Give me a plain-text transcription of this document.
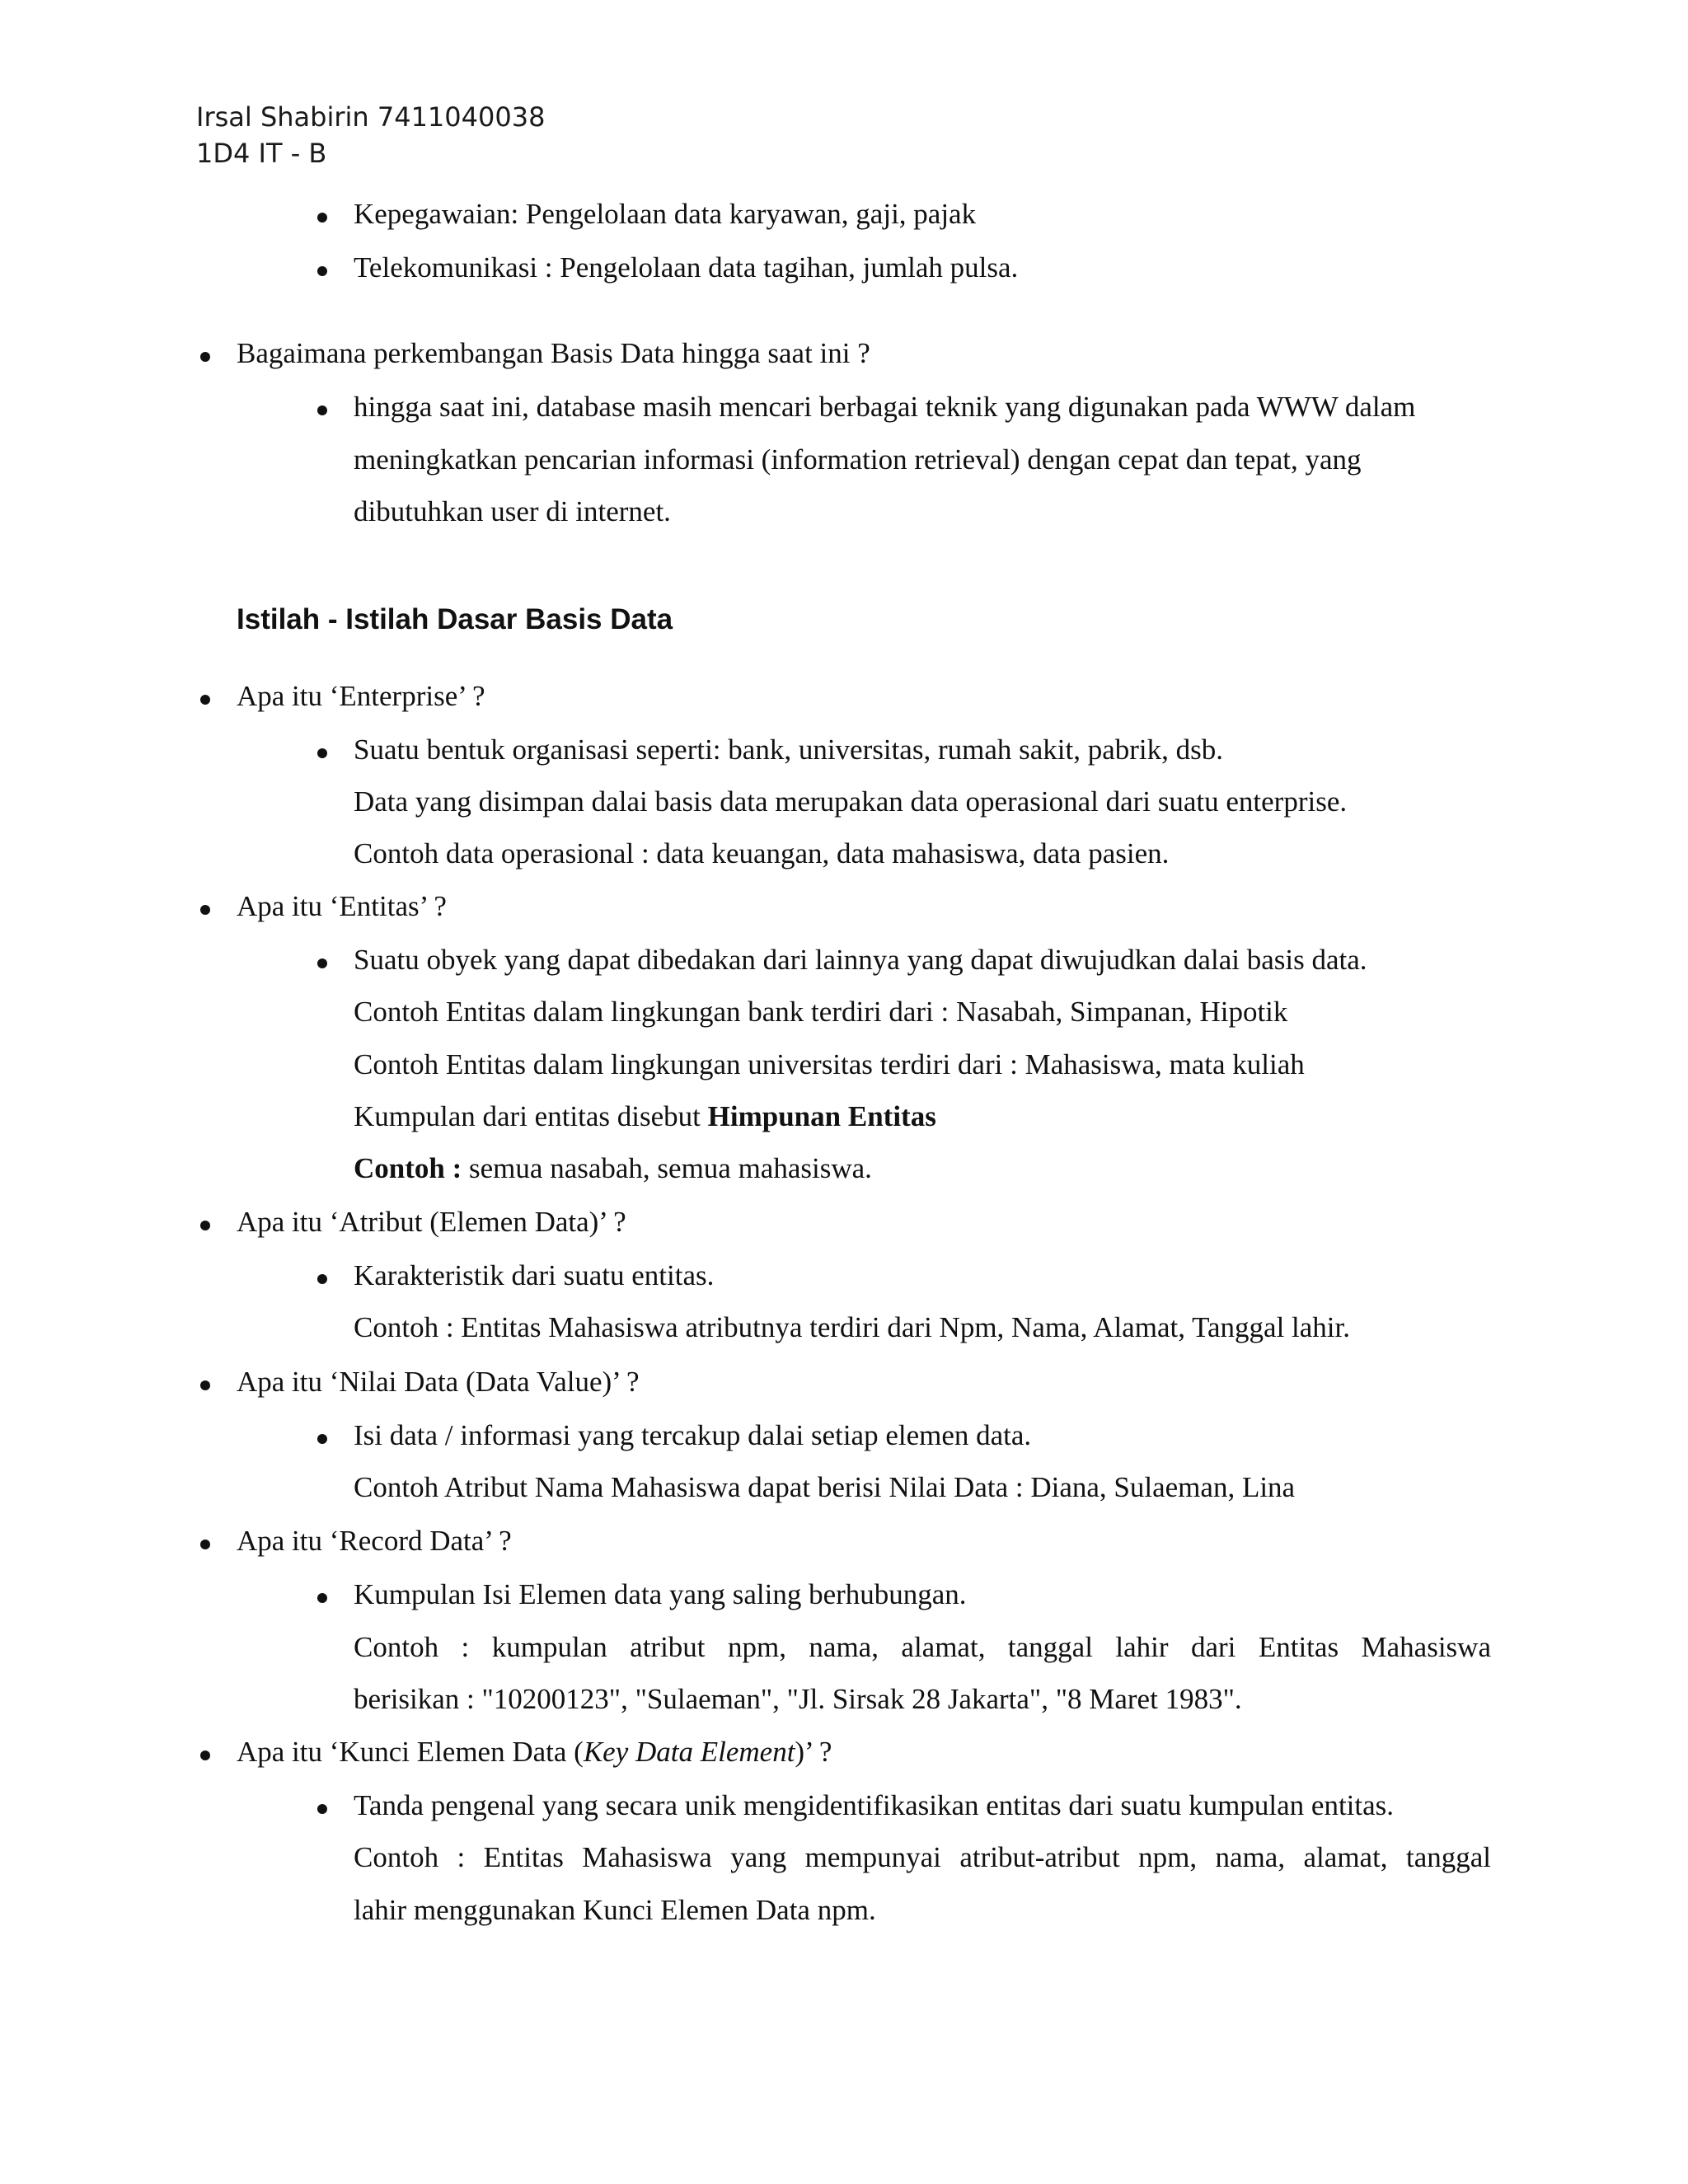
Irsal Shabirin 7411040038
1D4 IT - B
Kepegawaian: Pengelolaan data karyawan, gaji, pajak
Telekomunikasi : Pengelolaan data tagihan, jumlah pulsa.
Bagaimana perkembangan Basis Data hingga saat ini ?
hingga saat ini, database masih mencari berbagai teknik yang digunakan pada WWW dalam
meningkatkan pencarian informasi (information retrieval) dengan cepat dan tepat, yang
dibutuhkan user di internet.
Istilah - Istilah Dasar Basis Data
Apa itu ‘Enterprise’ ?
Suatu bentuk organisasi seperti: bank, universitas, rumah sakit, pabrik, dsb.
Data yang disimpan dalai basis data merupakan data operasional dari suatu enterprise.
Contoh data operasional : data keuangan, data mahasiswa, data pasien.
Apa itu ‘Entitas’ ?
Suatu obyek yang dapat dibedakan dari lainnya yang dapat diwujudkan dalai basis data.
Contoh Entitas dalam lingkungan bank terdiri dari : Nasabah, Simpanan, Hipotik
Contoh Entitas dalam lingkungan universitas terdiri dari : Mahasiswa, mata kuliah
Kumpulan dari entitas disebut Himpunan Entitas
Contoh : semua nasabah, semua mahasiswa.
Apa itu ‘Atribut (Elemen Data)’ ?
Karakteristik dari suatu entitas.
Contoh : Entitas Mahasiswa atributnya terdiri dari Npm, Nama, Alamat, Tanggal lahir.
Apa itu ‘Nilai Data (Data Value)’ ?
Isi data / informasi yang tercakup dalai setiap elemen data.
Contoh Atribut Nama Mahasiswa dapat berisi Nilai Data : Diana, Sulaeman, Lina
Apa itu ‘Record Data’ ?
Kumpulan Isi Elemen data yang saling berhubungan.
Contoh : kumpulan atribut npm, nama, alamat, tanggal lahir dari Entitas Mahasiswa
berisikan : "10200123", "Sulaeman", "Jl. Sirsak 28 Jakarta", "8 Maret 1983".
Apa itu ‘Kunci Elemen Data (Key Data Element)’ ?
Tanda pengenal yang secara unik mengidentifikasikan entitas dari suatu kumpulan entitas.
Contoh : Entitas Mahasiswa yang mempunyai atribut-atribut npm, nama, alamat, tanggal
lahir menggunakan Kunci Elemen Data npm.
